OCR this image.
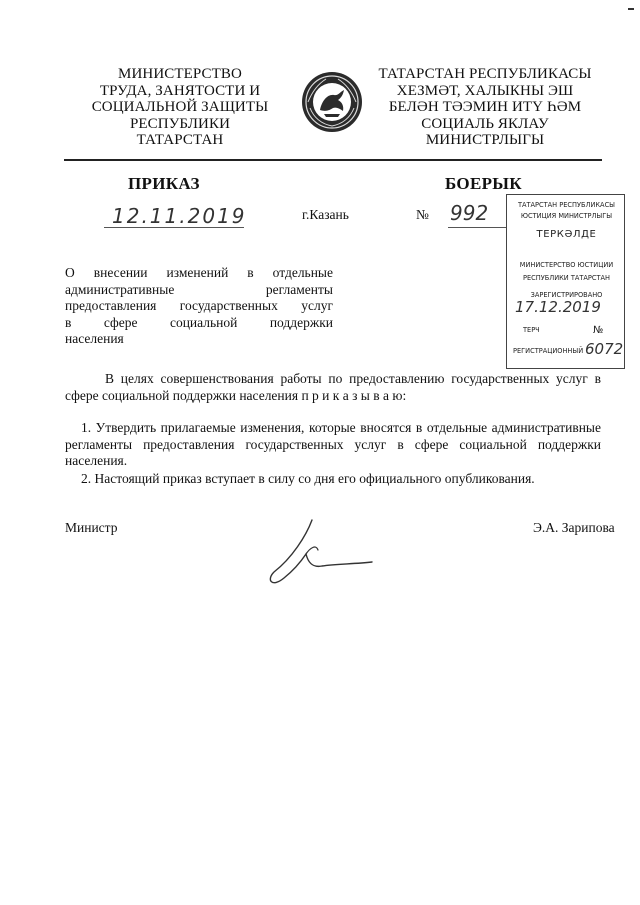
МИНИСТЕРСТВО
ТРУДА, ЗАНЯТОСТИ И
СОЦИАЛЬНОЙ ЗАЩИТЫ
РЕСПУБЛИКИ
ТАТАРСТАН
ТАТАРСТАН РЕСПУБЛИКАСЫ
ХЕЗМӘТ, ХАЛЫКНЫ ЭШ
БЕЛӘН ТӘЭМИН ИТҮ ҺӘМ
СОЦИАЛЬ ЯКЛАУ
МИНИСТРЛЫГЫ
ПРИКАЗ	БОЕРЫК
12.11.2019	г.Казань	№ 992
О внесении изменений в отдельные
административные регламенты
предоставления государственных услуг
в сфере социальной поддержки
населения
ТАТАРСТАН РЕСПУБЛИКАСЫ
ЮСТИЦИЯ МИНИСТРЛЫГЫ
ТЕРКӘЛДЕ
МИНИСТЕРСТВО ЮСТИЦИИ
РЕСПУБЛИКИ ТАТАРСТАН
ЗАРЕГИСТРИРОВАНО
17.12.2019
ТЕРЧ	№
РЕГИСТРАЦИОННЫЙ 6072
В целях совершенствования работы по предоставлению государственных услуг в сфере социальной поддержки населения п р и к а з ы в а ю:
1. Утвердить прилагаемые изменения, которые вносятся в отдельные административные регламенты предоставления государственных услуг в сфере социальной поддержки населения.
2. Настоящий приказ вступает в силу со дня его официального опубликования.
Министр	Э.А. Зарипова
